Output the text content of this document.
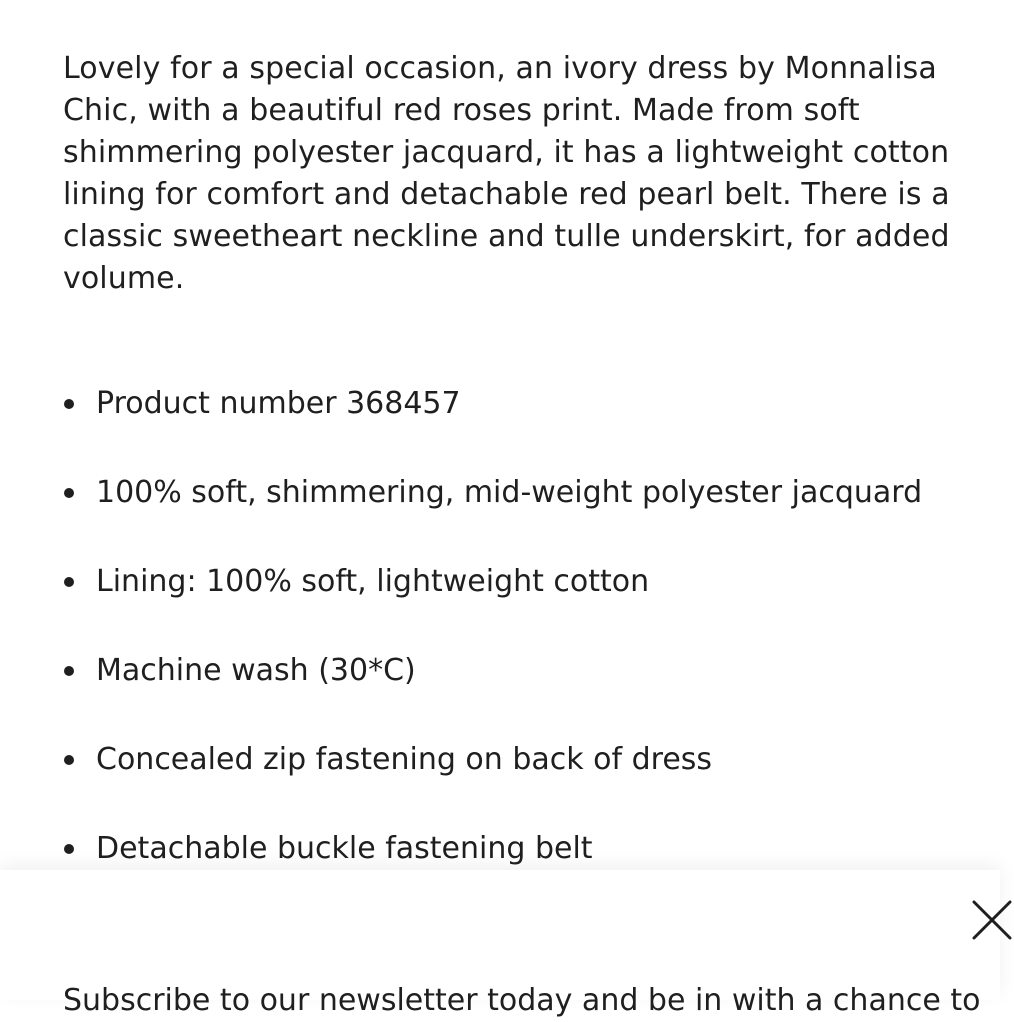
Lovely for a special occasion, an ivory dress by Monnalisa Chic, with a beautiful red roses print. Made from soft shimmering polyester jacquard, it has a lightweight cotton lining for comfort and detachable red pearl belt. There is a classic sweetheart neckline and tulle underskirt, for added volume.

Product number 368457
100% soft, shimmering, mid-weight polyester jacquard
Lining: 100% soft, lightweight cotton
Machine wash (30*C)
Concealed zip fastening on back of dress
Detachable buckle fastening belt
Subscribe to our newsletter today and be in with a chance to
